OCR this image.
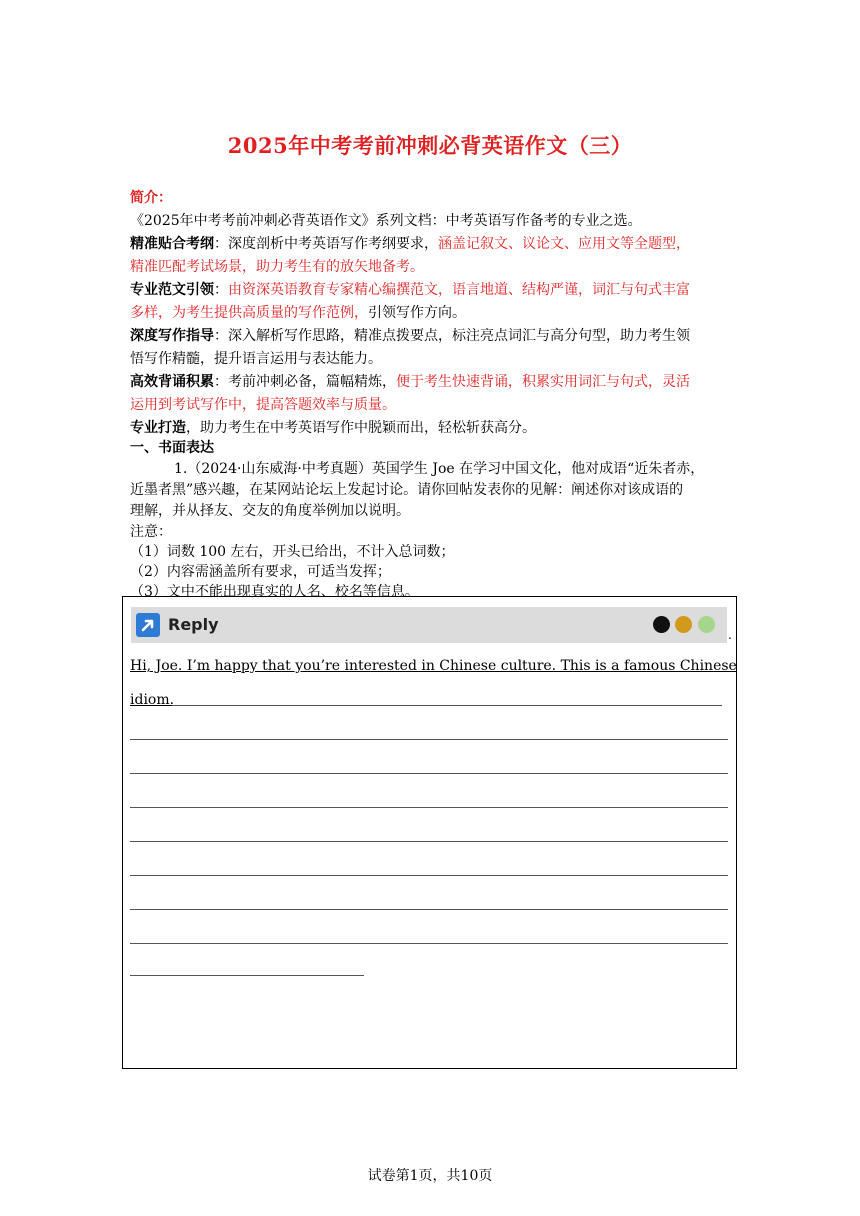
2025年中考考前冲刺必背英语作文（三）
简介：
《2025年中考考前冲刺必背英语作文》系列文档：中考英语写作备考的专业之选。
精准贴合考纲：深度剖析中考英语写作考纲要求，涵盖记叙文、议论文、应用文等全题型，
精准匹配考试场景，助力考生有的放矢地备考。
专业范文引领：由资深英语教育专家精心编撰范文，语言地道、结构严谨，词汇与句式丰富
多样，为考生提供高质量的写作范例，引领写作方向。
深度写作指导：深入解析写作思路，精准点拨要点，标注亮点词汇与高分句型，助力考生领
悟写作精髓，提升语言运用与表达能力。
高效背诵积累：考前冲刺必备，篇幅精炼，便于考生快速背诵，积累实用词汇与句式，灵活
运用到考试写作中，提高答题效率与质量。
专业打造，助力考生在中考英语写作中脱颖而出，轻松斩获高分。
一、书面表达
1.（2024·山东威海·中考真题）英国学生 Joe 在学习中国文化，他对成语“近朱者赤，
近墨者黑”感兴趣，在某网站论坛上发起讨论。请你回帖发表你的见解：阐述你对该成语的
理解，并从择友、交友的角度举例加以说明。
注意：
（1）词数 100 左右，开头已给出，不计入总词数；
（2）内容需涵盖所有要求，可适当发挥；
（3）文中不能出现真实的人名、校名等信息。
Reply
.
Hi, Joe. I’m happy that you’re interested in Chinese culture. This is a famous Chinese
idiom.
试卷第1页，共10页
